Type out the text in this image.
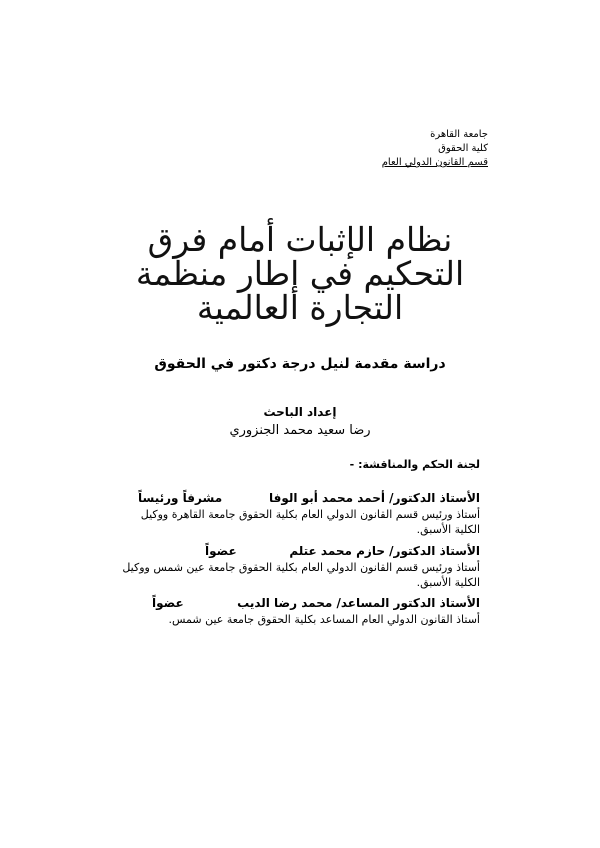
جامعة القاهرة
كلية الحقوق
قسم القانون الدولي العام
نظام الإثبات أمام فرق
التحكيم في إطار منظمة
التجارة العالمية
دراسة مقدمة لنيل درجة دكتور في الحقوق
إعداد الباحث
رضا سعيد محمد الجنزوري
لجنة الحكم والمناقشة: -
الأستاذ الدكتور/ أحمد محمد أبو الوفا
مشرفاً ورئيساً
أستاذ ورئيس قسم القانون الدولي العام بكلية الحقوق جامعة القاهرة ووكيل الكلية الأسبق.
الأستاذ الدكتور/ حازم محمد عتلم
عضواً
أستاذ ورئيس قسم القانون الدولي العام بكلية الحقوق جامعة عين شمس ووكيل الكلية الأسبق.
الأستاذ الدكتور المساعد/ محمد رضا الديب
عضواً
أستاذ القانون الدولي العام المساعد بكلية الحقوق جامعة عين شمس.
